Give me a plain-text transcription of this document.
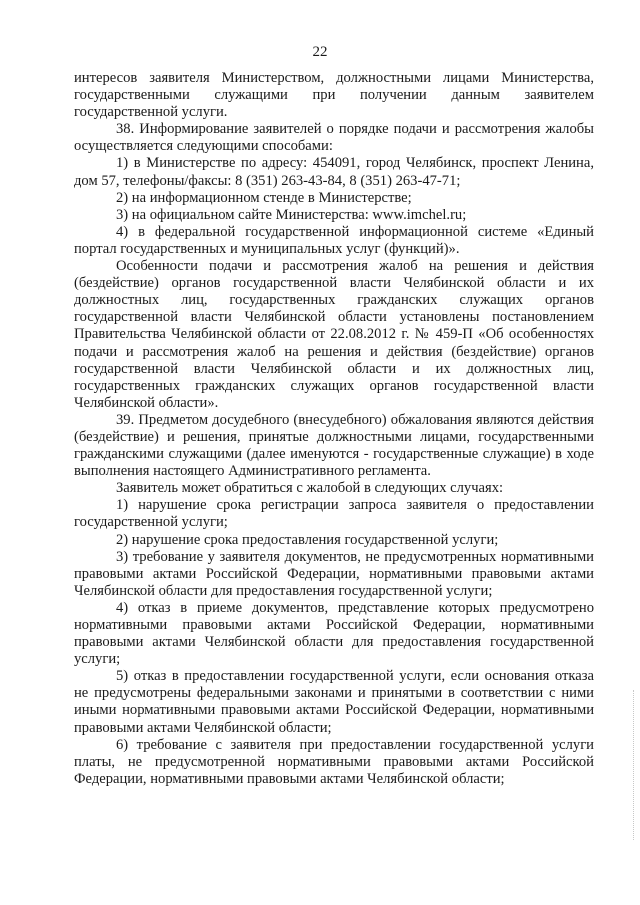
22

интересов заявителя Министерством, должностными лицами Министерства, государственными служащими при получении данным заявителем государственной услуги.

38. Информирование заявителей о порядке подачи и рассмотрения жалобы осуществляется следующими способами:

1) в Министерстве по адресу: 454091, город Челябинск, проспект Ленина, дом 57, телефоны/факсы: 8 (351) 263-43-84, 8 (351) 263-47-71;

2) на информационном стенде в Министерстве;

3) на официальном сайте Министерства: www.imchel.ru;

4) в федеральной государственной информационной системе «Единый портал государственных и муниципальных услуг (функций)».

Особенности подачи и рассмотрения жалоб на решения и действия (бездействие) органов государственной власти Челябинской области и их должностных лиц, государственных гражданских служащих органов государственной власти Челябинской области установлены постановлением Правительства Челябинской области от 22.08.2012 г. № 459-П «Об особенностях подачи и рассмотрения жалоб на решения и действия (бездействие) органов государственной власти Челябинской области и их должностных лиц, государственных гражданских служащих органов государственной власти Челябинской области».

39. Предметом досудебного (внесудебного) обжалования являются действия (бездействие) и решения, принятые должностными лицами, государственными гражданскими служащими (далее именуются - государственные служащие) в ходе выполнения настоящего Административного регламента.

Заявитель может обратиться с жалобой в следующих случаях:

1) нарушение срока регистрации запроса заявителя о предоставлении государственной услуги;

2) нарушение срока предоставления государственной услуги;

3) требование у заявителя документов, не предусмотренных нормативными правовыми актами Российской Федерации, нормативными правовыми актами Челябинской области для предоставления государственной услуги;

4) отказ в приеме документов, представление которых предусмотрено нормативными правовыми актами Российской Федерации, нормативными правовыми актами Челябинской области для предоставления государственной услуги;

5) отказ в предоставлении государственной услуги, если основания отказа не предусмотрены федеральными законами и принятыми в соответствии с ними иными нормативными правовыми актами Российской Федерации, нормативными правовыми актами Челябинской области;

6) требование с заявителя при предоставлении государственной услуги платы, не предусмотренной нормативными правовыми актами Российской Федерации, нормативными правовыми актами Челябинской области;
